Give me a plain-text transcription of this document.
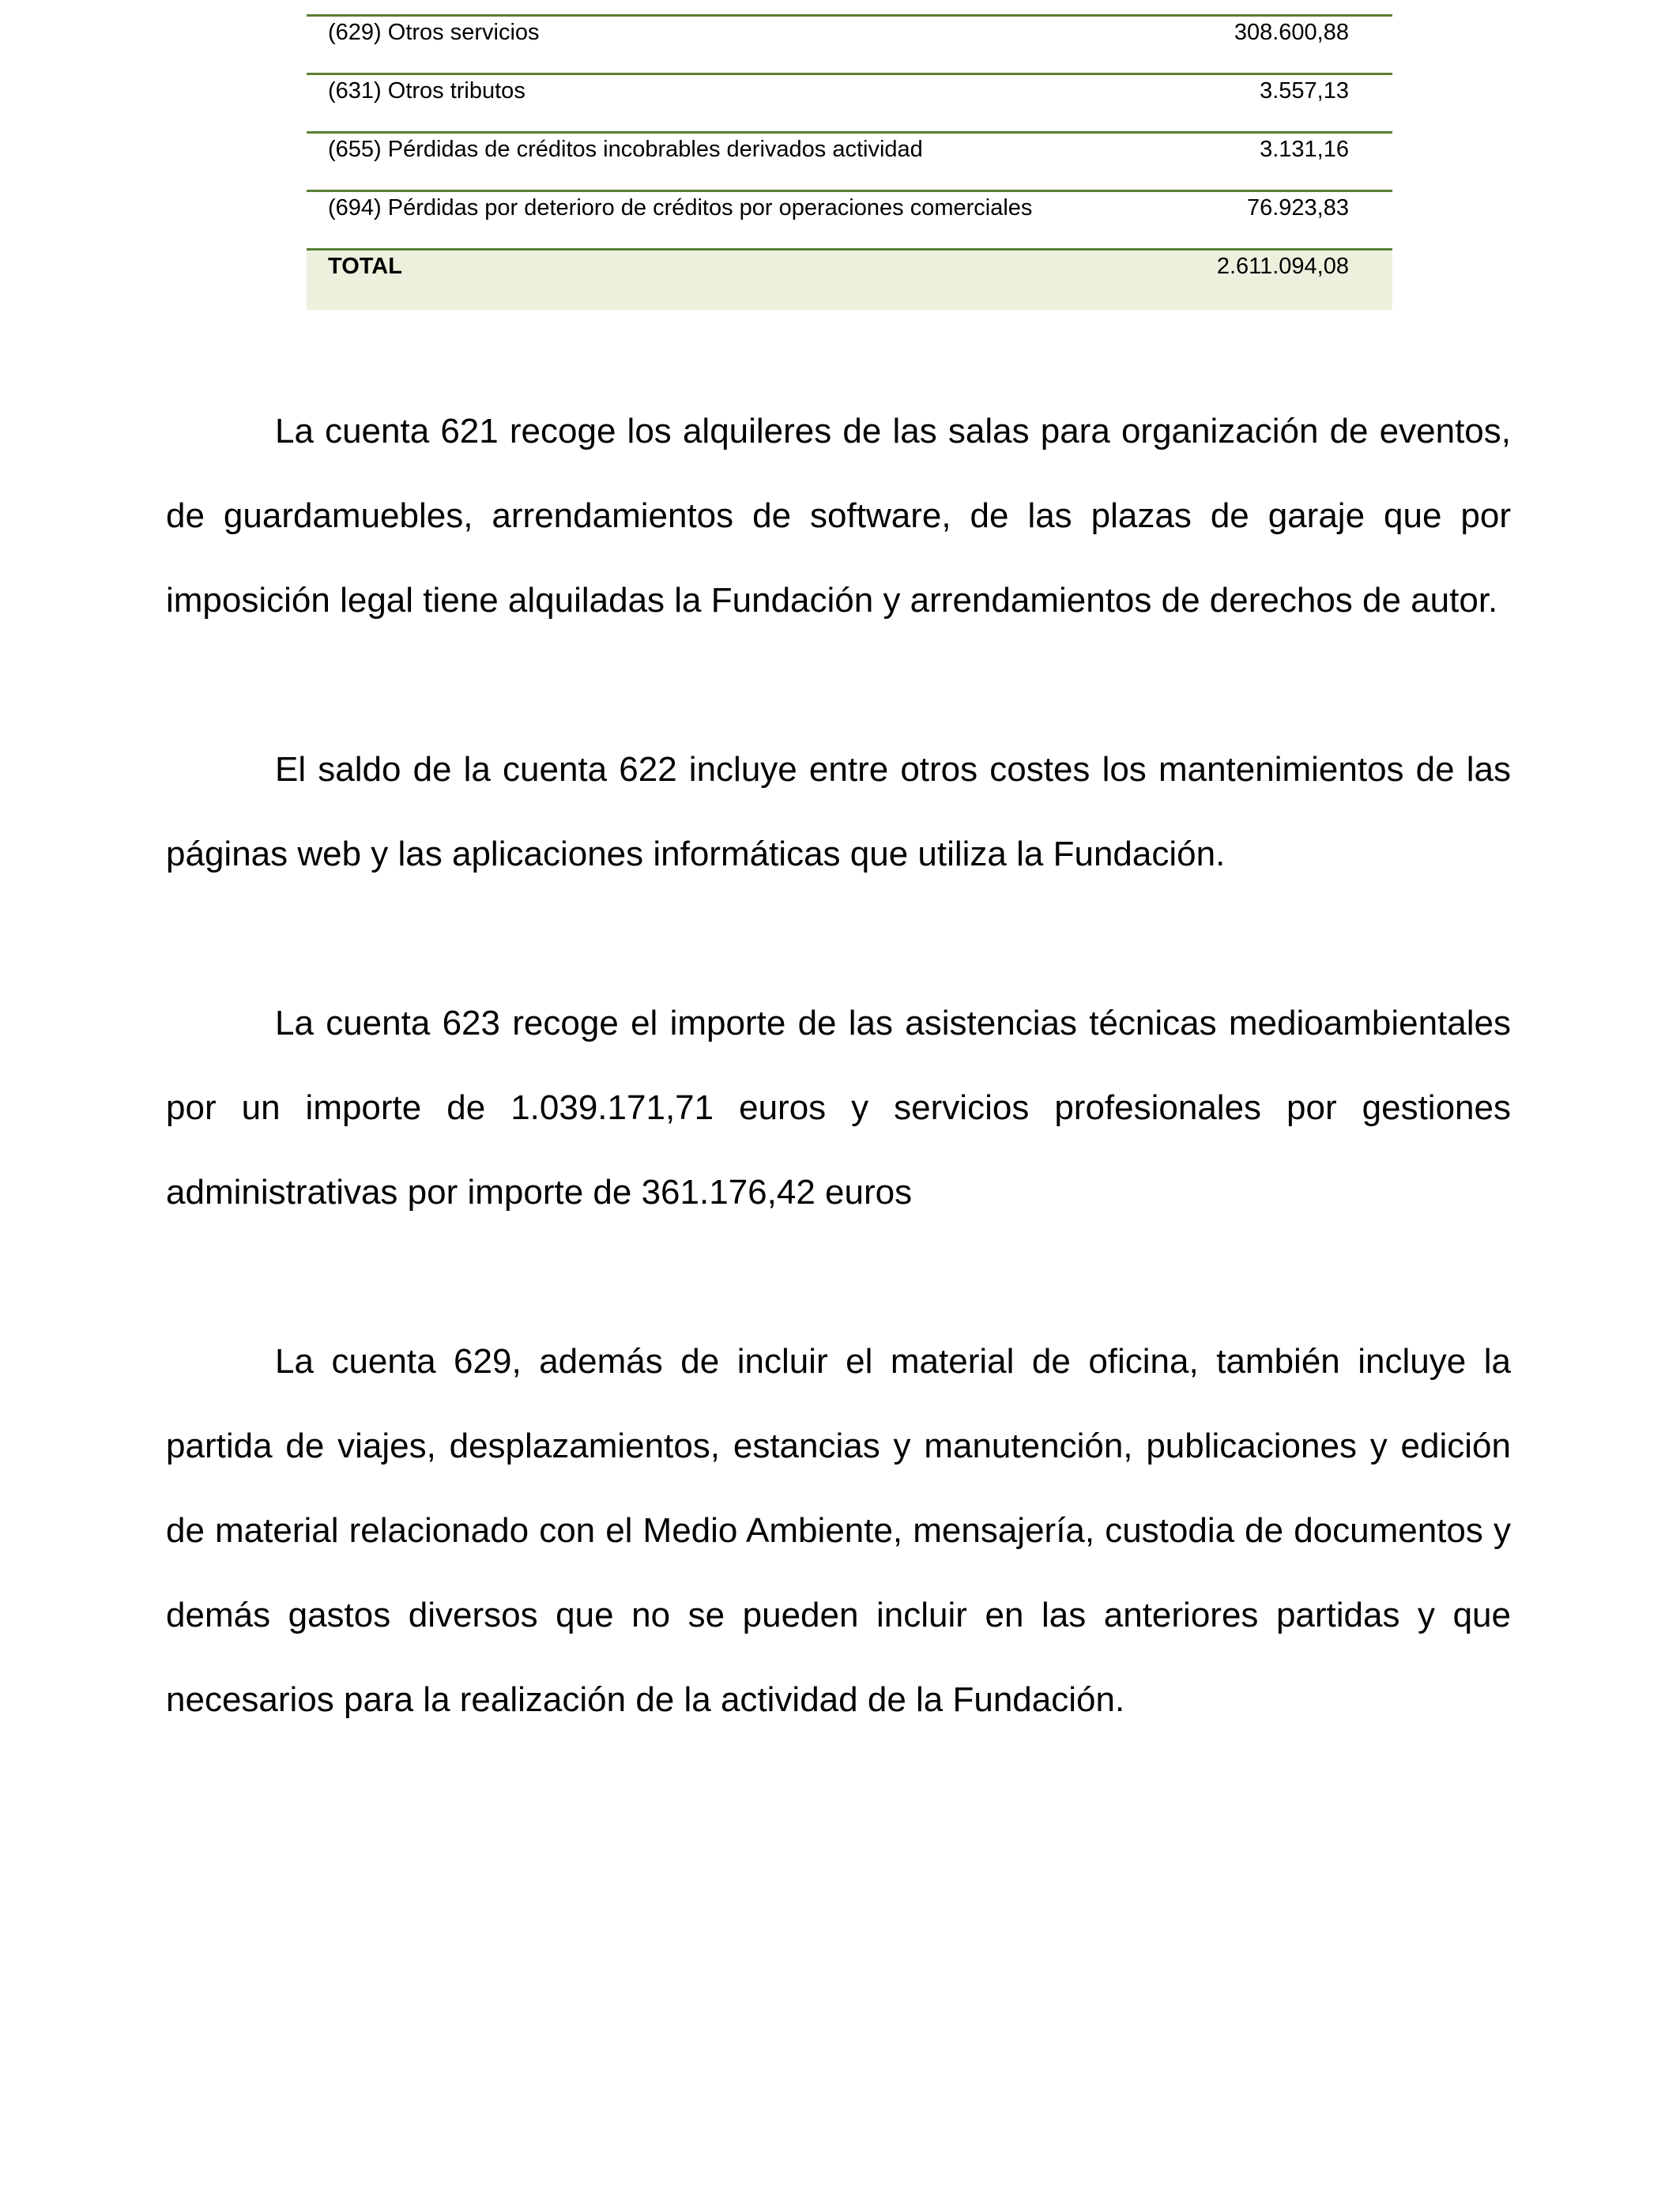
(629) Otros servicios	308.600,88
(631) Otros tributos	3.557,13
(655) Pérdidas de créditos incobrables derivados actividad	3.131,16
(694) Pérdidas por deterioro de créditos por operaciones comerciales	76.923,83
TOTAL	2.611.094,08

La cuenta 621 recoge los alquileres de las salas para organización de eventos, de guardamuebles, arrendamientos de software, de las plazas de garaje que por imposición legal tiene alquiladas la Fundación y arrendamientos de derechos de autor.

El saldo de la cuenta 622 incluye entre otros costes los mantenimientos de las páginas web y las aplicaciones informáticas que utiliza la Fundación.

La cuenta 623 recoge el importe de las asistencias técnicas medioambientales por un importe de 1.039.171,71 euros y servicios profesionales por gestiones administrativas por importe de 361.176,42 euros

La cuenta 629, además de incluir el material de oficina, también incluye la partida de viajes, desplazamientos, estancias y manutención, publicaciones y edición de material relacionado con el Medio Ambiente, mensajería, custodia de documentos y demás gastos diversos que no se pueden incluir en las anteriores partidas y que necesarios para la realización de la actividad de la Fundación.
